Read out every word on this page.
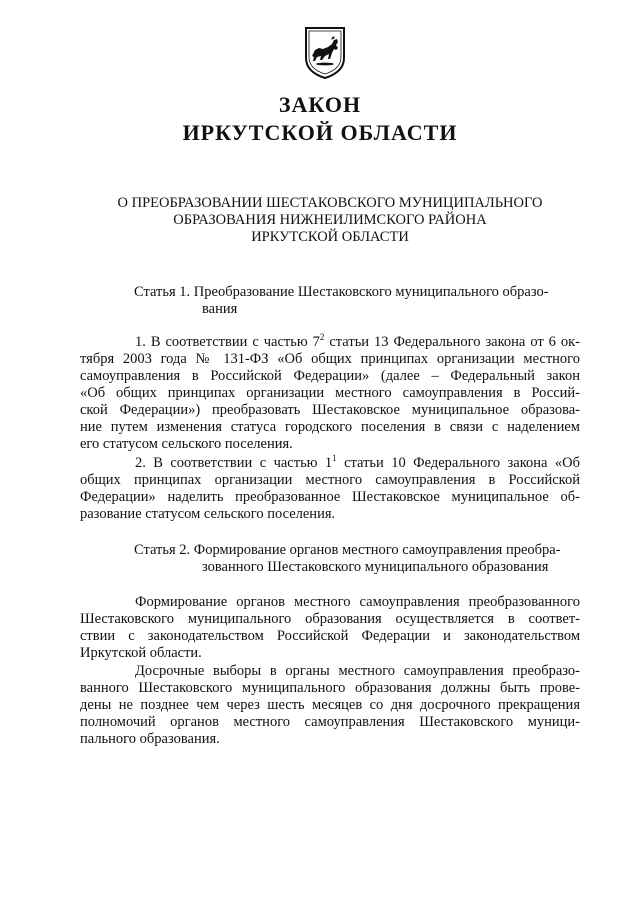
ЗАКОН
ИРКУТСКОЙ ОБЛАСТИ
О ПРЕОБРАЗОВАНИИ ШЕСТАКОВСКОГО МУНИЦИПАЛЬНОГО
ОБРАЗОВАНИЯ НИЖНЕИЛИМСКОГО РАЙОНА
ИРКУТСКОЙ ОБЛАСТИ
Статья 1. Преобразование Шестаковского муниципального образо-
вания
1. В соответствии с частью $7^2$ статьи 13 Федерального закона от 6 ок-
тября 2003 года № 131-ФЗ «Об общих принципах организации местного
самоуправления в Российской Федерации» (далее – Федеральный закон
«Об общих принципах организации местного самоуправления в Россий-
ской Федерации») преобразовать Шестаковское муниципальное образова-
ние путем изменения статуса городского поселения в связи с наделением
его статусом сельского поселения.
2. В соответствии с частью $1^1$ статьи 10 Федерального закона «Об
общих принципах организации местного самоуправления в Российской
Федерации» наделить преобразованное Шестаковское муниципальное об-
разование статусом сельского поселения.
Статья 2. Формирование органов местного самоуправления преобра-
зованного Шестаковского муниципального образования
Формирование органов местного самоуправления преобразованного
Шестаковского муниципального образования осуществляется в соответ-
ствии с законодательством Российской Федерации и законодательством
Иркутской области.
Досрочные выборы в органы местного самоуправления преобразо-
ванного Шестаковского муниципального образования должны быть прове-
дены не позднее чем через шесть месяцев со дня досрочного прекращения
полномочий органов местного самоуправления Шестаковского муници-
пального образования.
